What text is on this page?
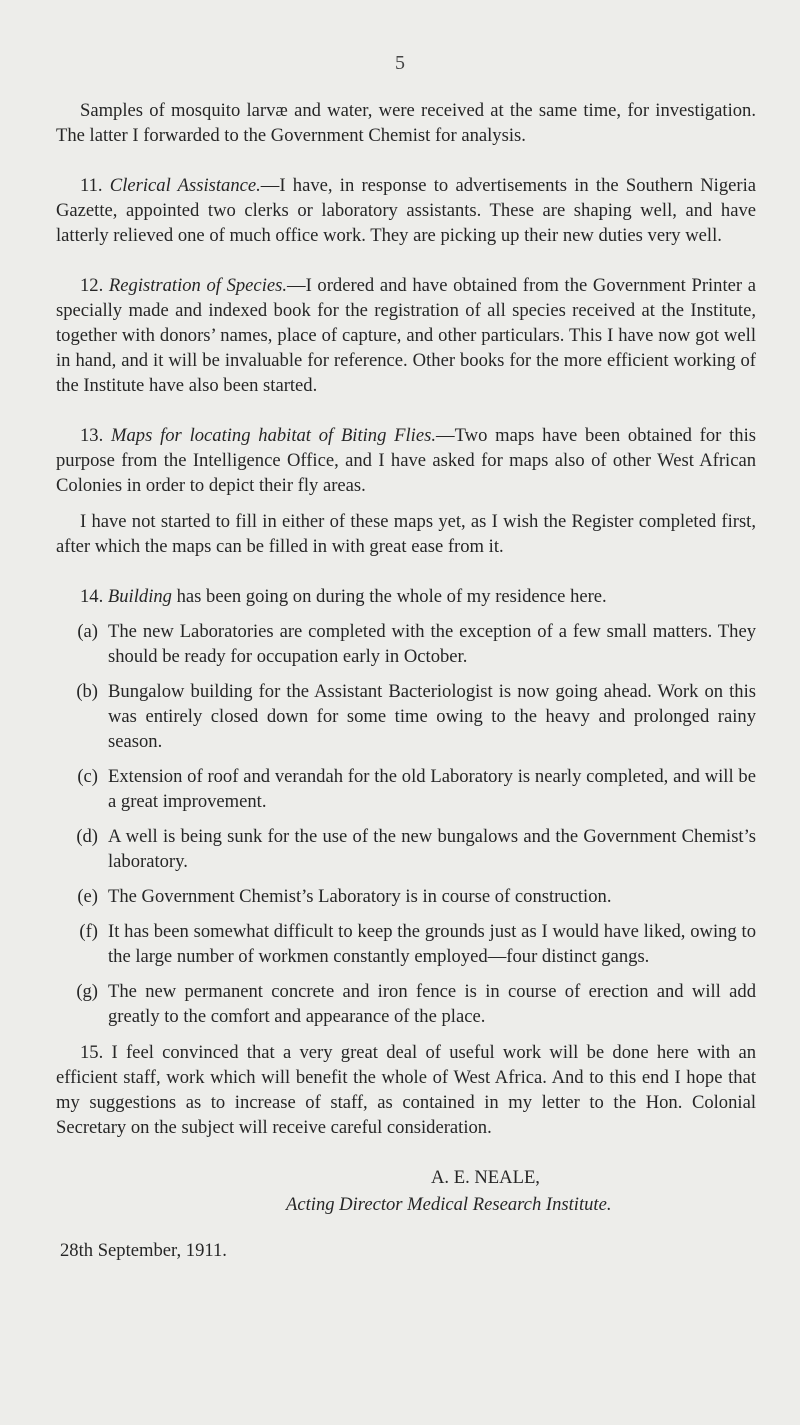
5

Samples of mosquito larvæ and water, were received at the same time, for investigation. The latter I forwarded to the Government Chemist for analysis.

11. Clerical Assistance.—I have, in response to advertisements in the Southern Nigeria Gazette, appointed two clerks or laboratory assistants. These are shaping well, and have latterly relieved one of much office work. They are picking up their new duties very well.

12. Registration of Species.—I ordered and have obtained from the Government Printer a specially made and indexed book for the registration of all species received at the Institute, together with donors’ names, place of capture, and other particulars. This I have now got well in hand, and it will be invaluable for reference. Other books for the more efficient working of the Institute have also been started.

13. Maps for locating habitat of Biting Flies.—Two maps have been obtained for this purpose from the Intelligence Office, and I have asked for maps also of other West African Colonies in order to depict their fly areas.

I have not started to fill in either of these maps yet, as I wish the Register completed first, after which the maps can be filled in with great ease from it.

14. Building has been going on during the whole of my residence here.

(a) The new Laboratories are completed with the exception of a few small matters. They should be ready for occupation early in October.
(b) Bungalow building for the Assistant Bacteriologist is now going ahead. Work on this was entirely closed down for some time owing to the heavy and prolonged rainy season.
(c) Extension of roof and verandah for the old Laboratory is nearly completed, and will be a great improvement.
(d) A well is being sunk for the use of the new bungalows and the Government Chemist’s laboratory.
(e) The Government Chemist’s Laboratory is in course of construction.
(f) It has been somewhat difficult to keep the grounds just as I would have liked, owing to the large number of workmen constantly employed—four distinct gangs.
(g) The new permanent concrete and iron fence is in course of erection and will add greatly to the comfort and appearance of the place.

15. I feel convinced that a very great deal of useful work will be done here with an efficient staff, work which will benefit the whole of West Africa. And to this end I hope that my suggestions as to increase of staff, as contained in my letter to the Hon. Colonial Secretary on the subject will receive careful consideration.

A. E. NEALE,
Acting Director Medical Research Institute.
28th September, 1911.
